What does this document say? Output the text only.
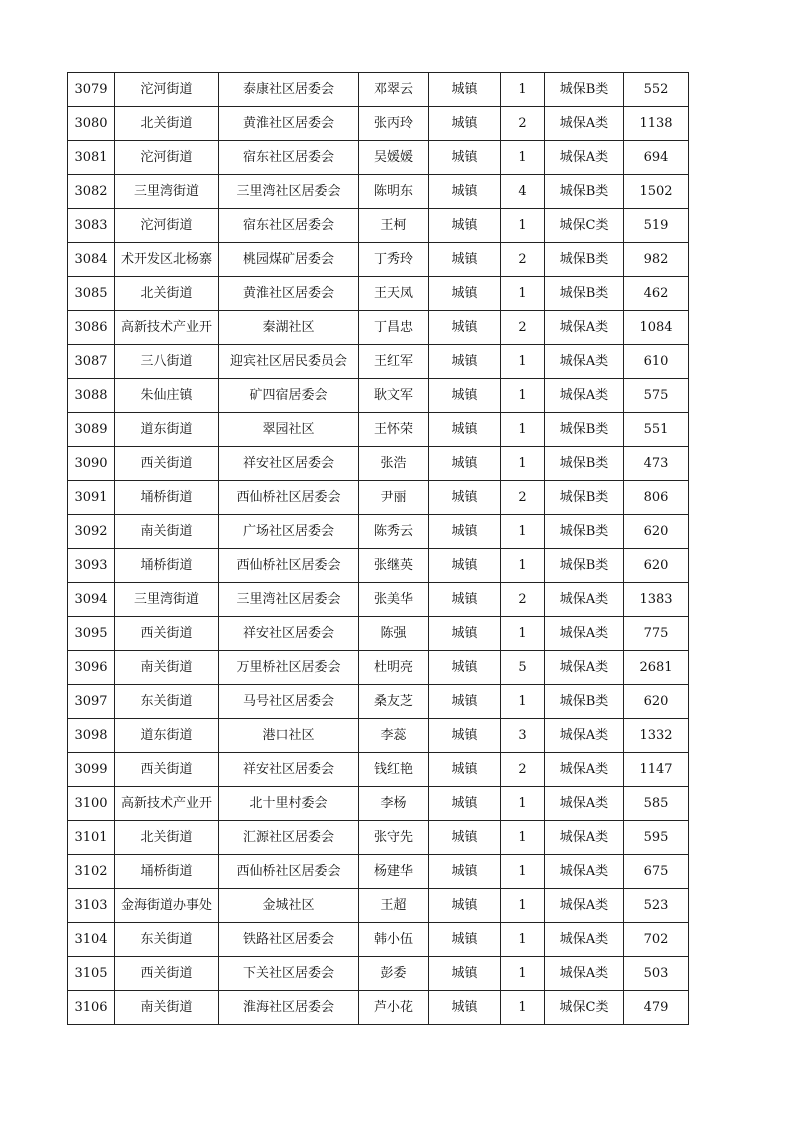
3079	沱河街道	泰康社区居委会	邓翠云	城镇	1	城保B类	552
3080	北关街道	黄淮社区居委会	张丙玲	城镇	2	城保A类	1138
3081	沱河街道	宿东社区居委会	吴媛媛	城镇	1	城保A类	694
3082	三里湾街道	三里湾社区居委会	陈明东	城镇	4	城保B类	1502
3083	沱河街道	宿东社区居委会	王柯	城镇	1	城保C类	519
3084	术开发区北杨寨	桃园煤矿居委会	丁秀玲	城镇	2	城保B类	982
3085	北关街道	黄淮社区居委会	王天凤	城镇	1	城保B类	462
3086	高新技术产业开	秦湖社区	丁昌忠	城镇	2	城保A类	1084
3087	三八街道	迎宾社区居民委员会	王红军	城镇	1	城保A类	610
3088	朱仙庄镇	矿四宿居委会	耿文军	城镇	1	城保A类	575
3089	道东街道	翠园社区	王怀荣	城镇	1	城保B类	551
3090	西关街道	祥安社区居委会	张浩	城镇	1	城保B类	473
3091	埇桥街道	西仙桥社区居委会	尹丽	城镇	2	城保B类	806
3092	南关街道	广场社区居委会	陈秀云	城镇	1	城保B类	620
3093	埇桥街道	西仙桥社区居委会	张继英	城镇	1	城保B类	620
3094	三里湾街道	三里湾社区居委会	张美华	城镇	2	城保A类	1383
3095	西关街道	祥安社区居委会	陈强	城镇	1	城保A类	775
3096	南关街道	万里桥社区居委会	杜明亮	城镇	5	城保A类	2681
3097	东关街道	马号社区居委会	桑友芝	城镇	1	城保B类	620
3098	道东街道	港口社区	李蕊	城镇	3	城保A类	1332
3099	西关街道	祥安社区居委会	钱红艳	城镇	2	城保A类	1147
3100	高新技术产业开	北十里村委会	李杨	城镇	1	城保A类	585
3101	北关街道	汇源社区居委会	张守先	城镇	1	城保A类	595
3102	埇桥街道	西仙桥社区居委会	杨建华	城镇	1	城保A类	675
3103	金海街道办事处	金城社区	王超	城镇	1	城保A类	523
3104	东关街道	铁路社区居委会	韩小伍	城镇	1	城保A类	702
3105	西关街道	下关社区居委会	彭委	城镇	1	城保A类	503
3106	南关街道	淮海社区居委会	芦小花	城镇	1	城保C类	479
